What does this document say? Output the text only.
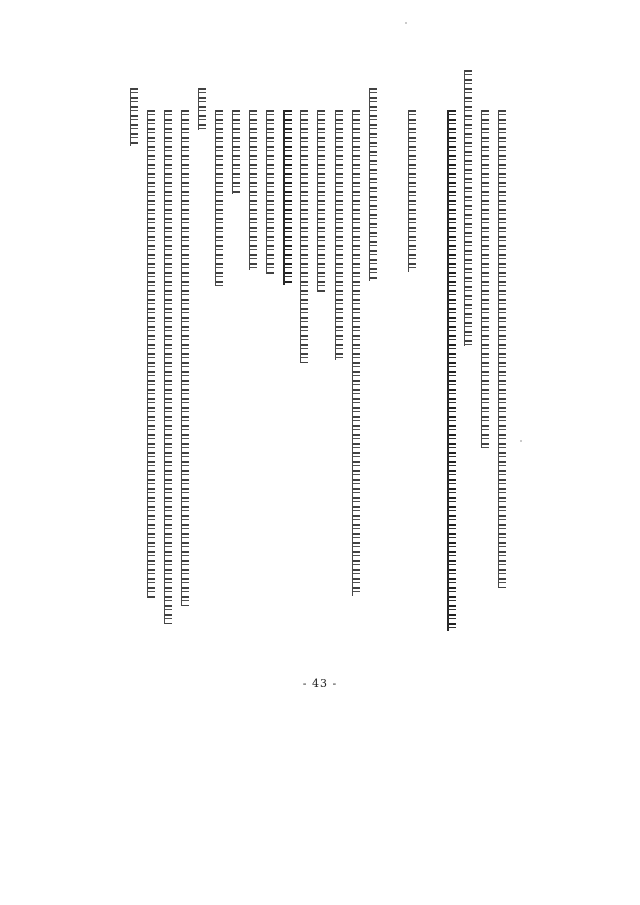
- 43 -
